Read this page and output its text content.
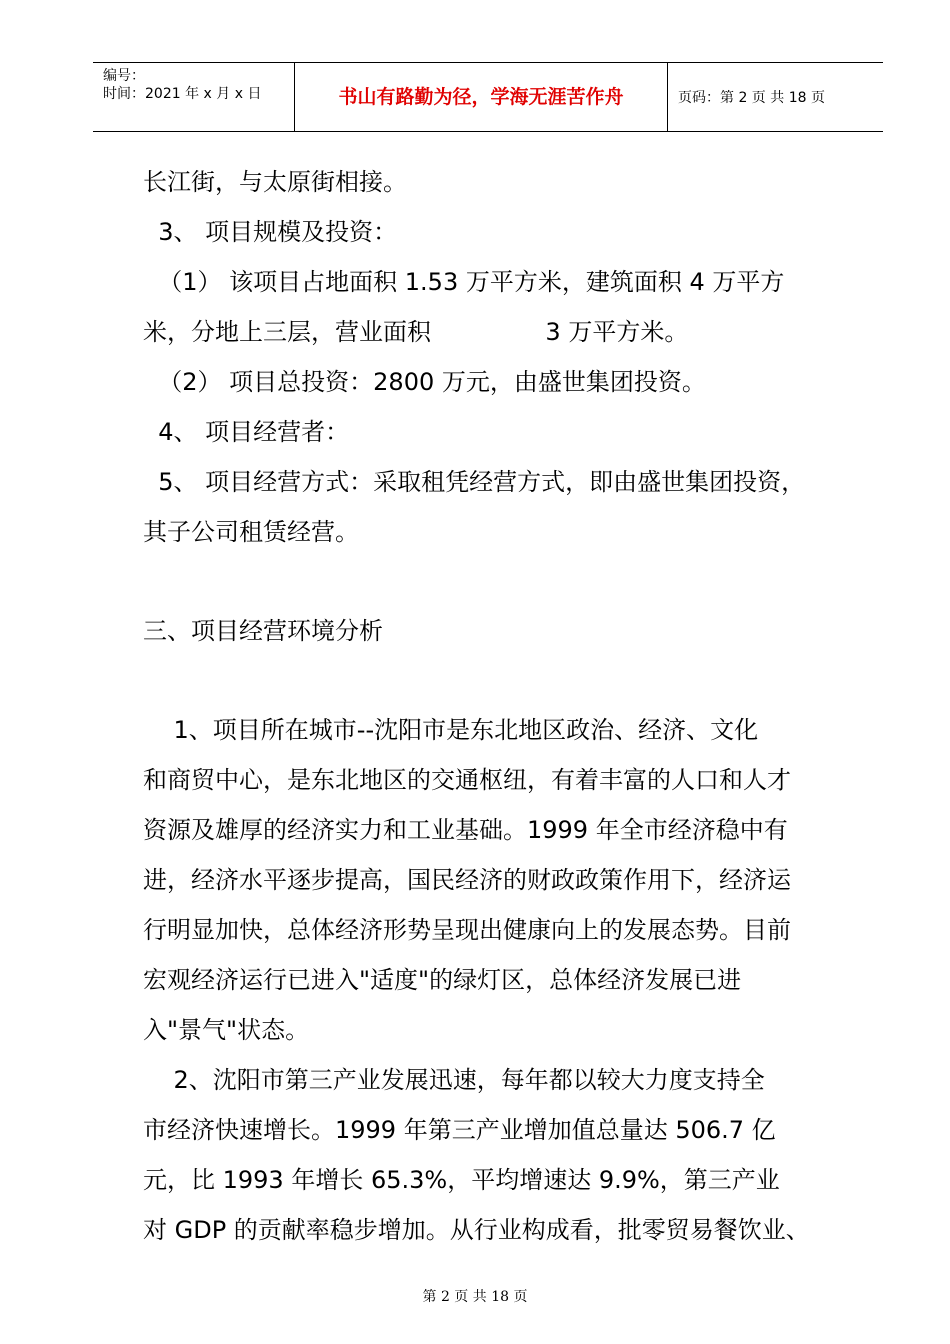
编号：
时间：2021 年 x 月 x 日	书山有路勤为径，学海无涯苦作舟	页码：第 2 页 共 18 页
长江街，与太原街相接。
3、 项目规模及投资：
（1） 该项目占地面积 1.53 万平方米，建筑面积 4 万平方
米，分地上三层，营业面积               3 万平方米。
（2） 项目总投资：2800 万元，由盛世集团投资。
4、 项目经营者：
5、 项目经营方式：采取租凭经营方式，即由盛世集团投资，
其子公司租赁经营。
三、项目经营环境分析
1、项目所在城市--沈阳市是东北地区政治、经济、文化
和商贸中心，是东北地区的交通枢纽，有着丰富的人口和人才
资源及雄厚的经济实力和工业基础。1999 年全市经济稳中有
进，经济水平逐步提高，国民经济的财政政策作用下，经济运
行明显加快，总体经济形势呈现出健康向上的发展态势。目前
宏观经济运行已进入"适度"的绿灯区，总体经济发展已进
入"景气"状态。
2、沈阳市第三产业发展迅速，每年都以较大力度支持全
市经济快速增长。1999 年第三产业增加值总量达 506.7 亿
元，比 1993 年增长 65.3%，平均增速达 9.9%，第三产业
对 GDP 的贡献率稳步增加。从行业构成看，批零贸易餐饮业、
第 2 页 共 18 页
